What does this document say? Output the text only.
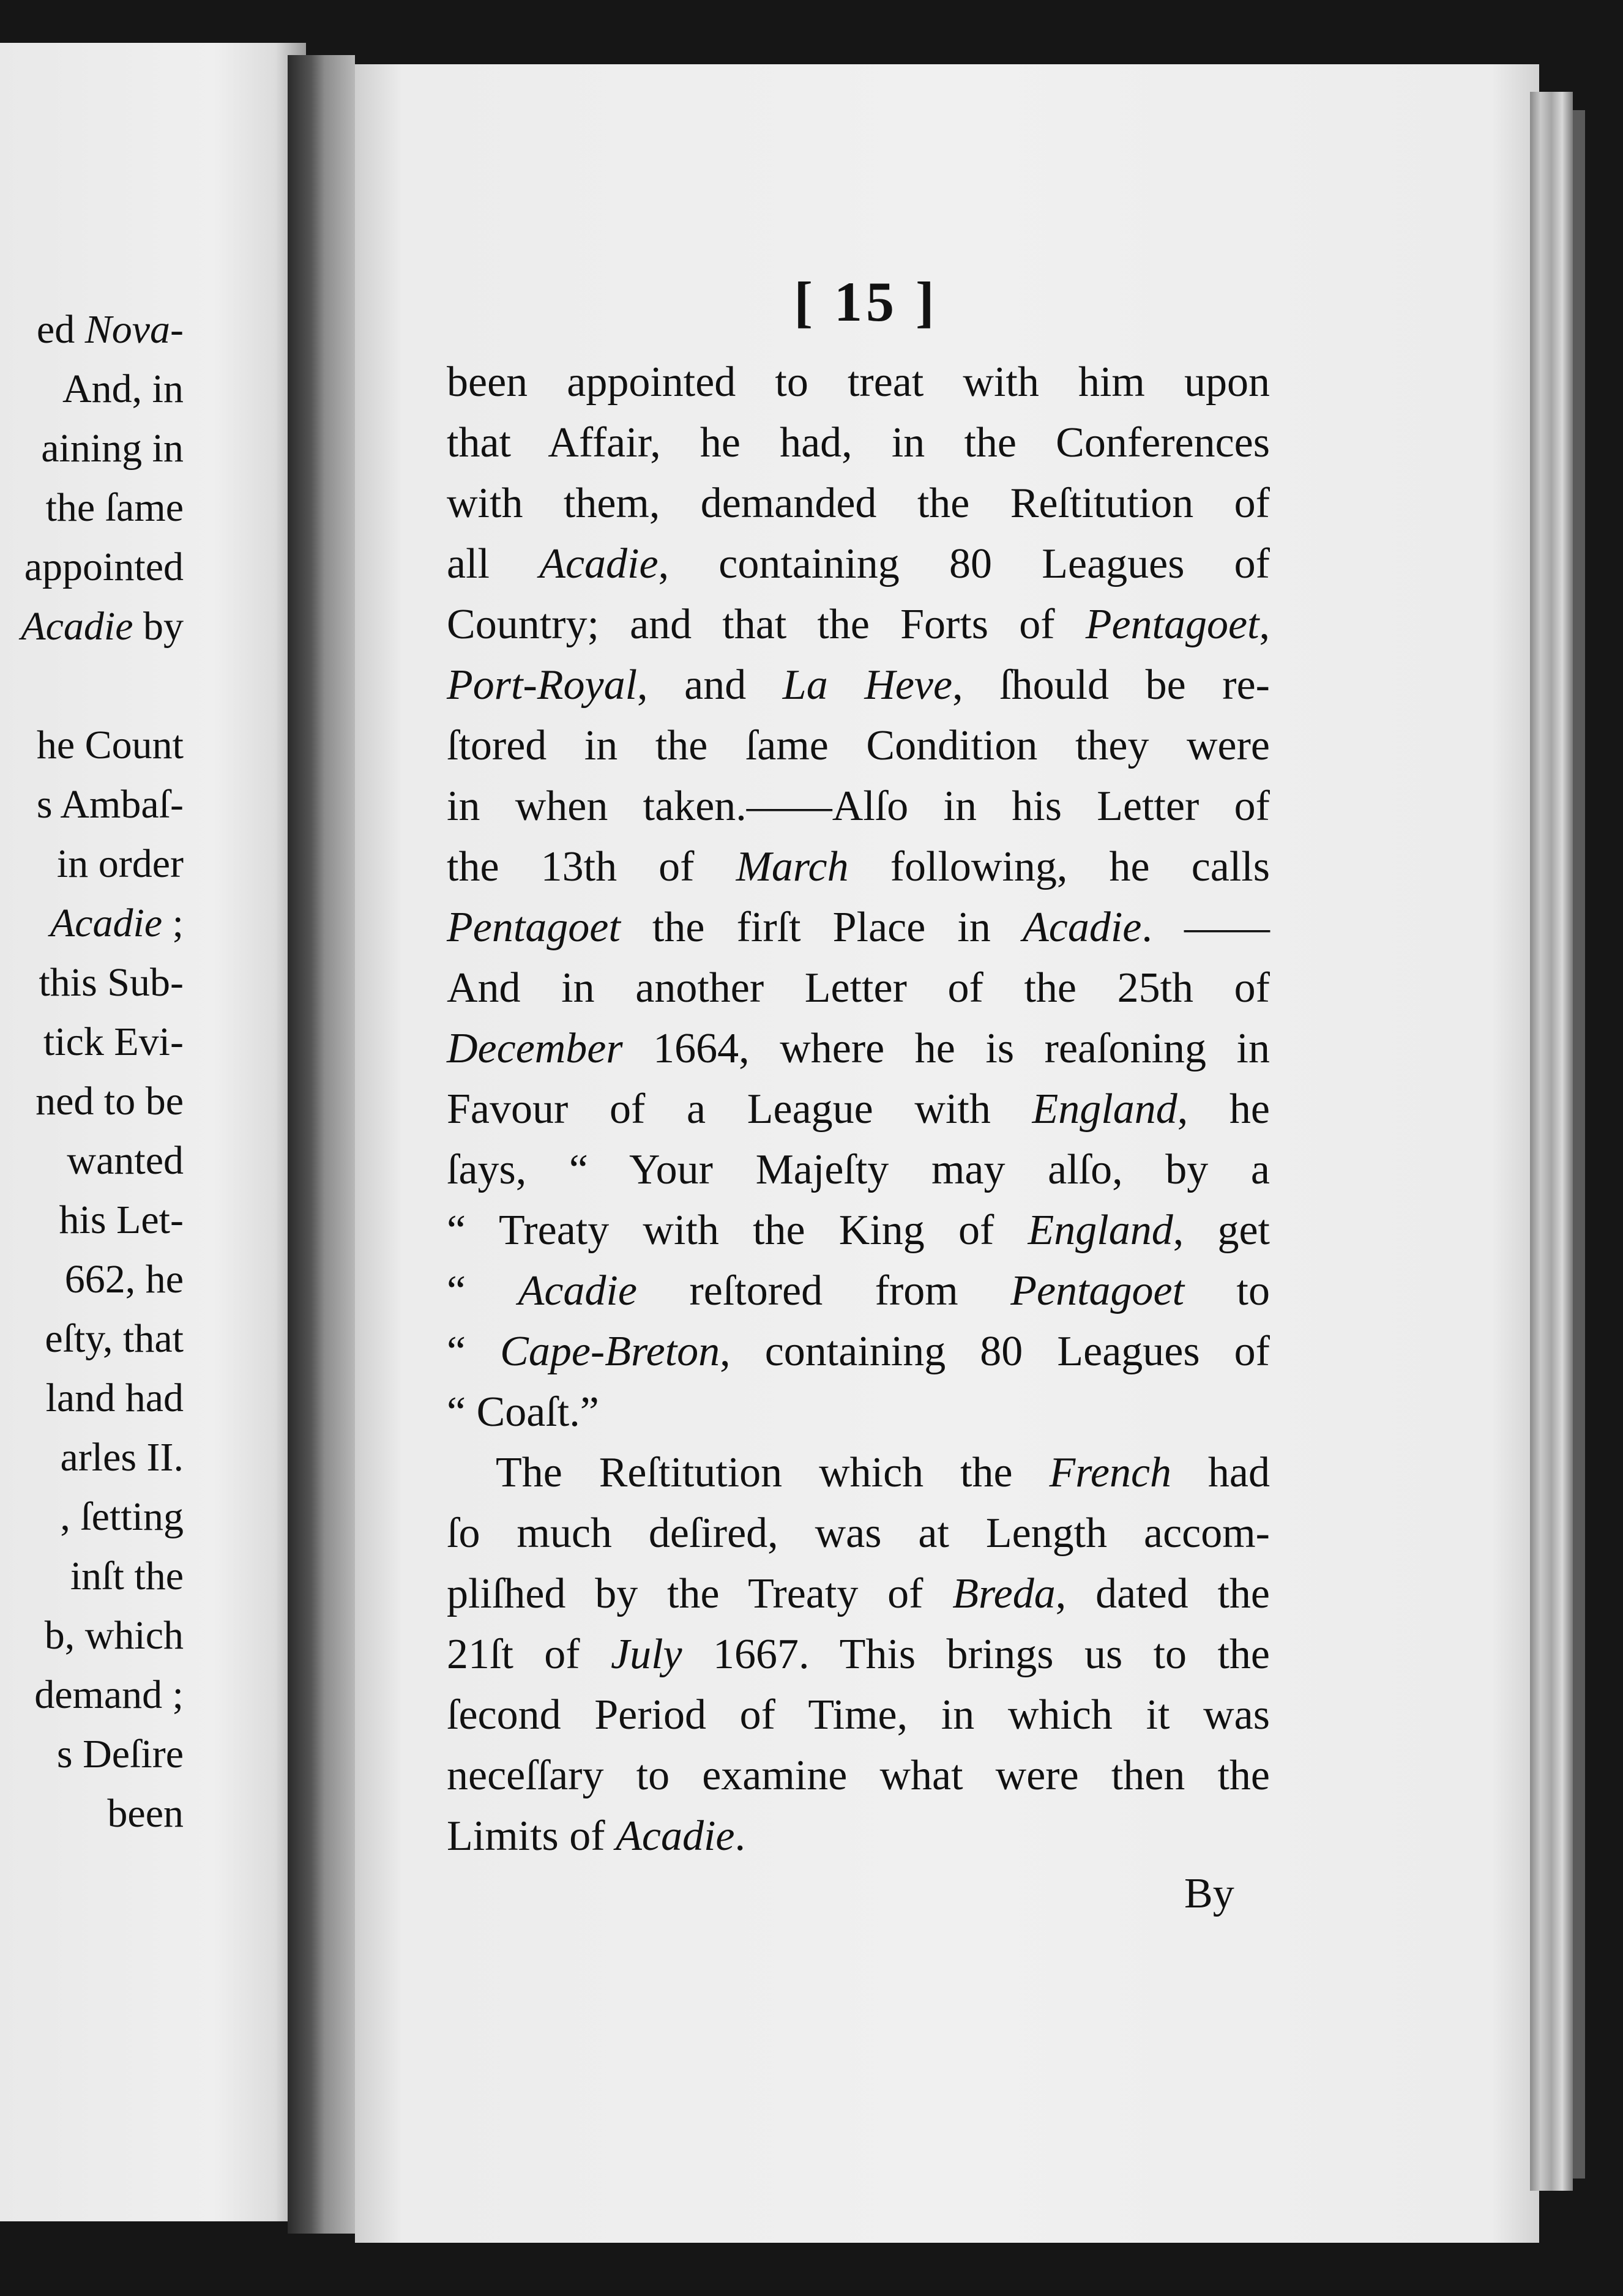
ed Nova-
And, in
aining in
the ſame
appointed
Acadie by
he Count
s Ambaſ-
in order
Acadie ;
this Sub-
tick Evi-
ned to be
wanted
his Let-
662, he
eſty, that
land had
arles II.
, ſetting
inſt the
b, which
demand ;
s Deſire
been
[ 15 ]
been appointed to treat with him upon
that Affair, he had, in the Conferences
with them, demanded the Reſtitution of
all Acadie, containing 80 Leagues of
Country; and that the Forts of Pentagoet,
Port-Royal, and La Heve, ſhould be re-
ſtored in the ſame Condition they were
in when taken.——Alſo in his Letter of
the 13th of March following, he calls
Pentagoet the firſt Place in Acadie. ——
And in another Letter of the 25th of
December 1664, where he is reaſoning in
Favour of a League with England, he
ſays, “ Your Majeſty may alſo, by a
“ Treaty with the King of England, get
“ Acadie reſtored from Pentagoet to
“ Cape-Breton, containing 80 Leagues of
“ Coaſt.”
The Reſtitution which the French had
ſo much deſired, was at Length accom-
pliſhed by the Treaty of Breda, dated the
21ſt of July 1667. This brings us to the
ſecond Period of Time, in which it was
neceſſary to examine what were then the
Limits of Acadie.
By
